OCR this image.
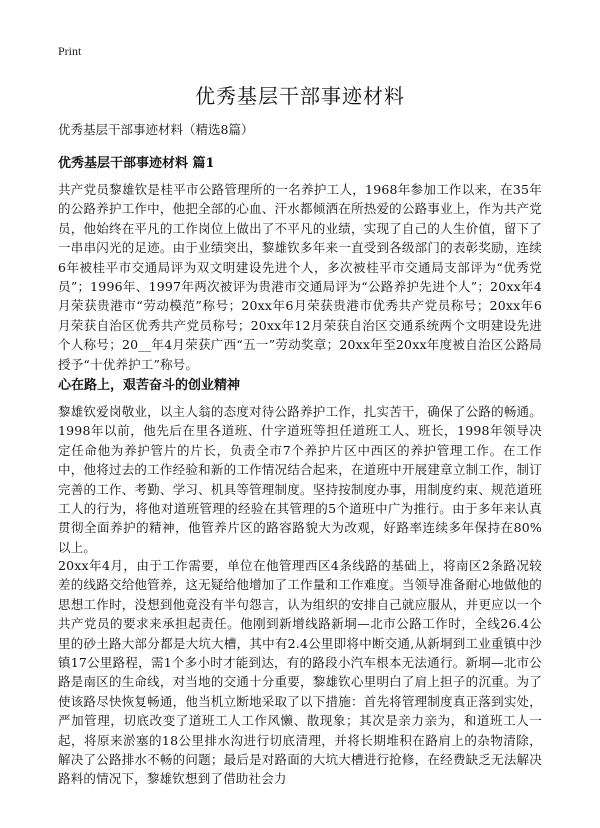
Print
优秀基层干部事迹材料
优秀基层干部事迹材料（精选8篇）
优秀基层干部事迹材料 篇1

共产党员黎雄钦是桂平市公路管理所的一名养护工人，1968年参加工作以来，在35年的公路养护工作中，他把全部的心血、汗水都倾洒在所热爱的公路事业上，作为共产党员，他始终在平凡的工作岗位上做出了不平凡的业绩，实现了自己的人生价值，留下了一串串闪光的足迹。由于业绩突出，黎雄钦多年来一直受到各级部门的表彰奖励，连续6年被桂平市交通局评为双文明建设先进个人，多次被桂平市交通局支部评为“优秀党员”；1996年、1997年两次被评为贵港市交通局评为“公路养护先进个人”；20xx年4月荣获贵港市“劳动模范”称号；20xx年6月荣获贵港市优秀共产党员称号；20xx年6月荣获自治区优秀共产党员称号；20xx年12月荣获自治区交通系统两个文明建设先进个人称号；20__年4月荣获广西“五一”劳动奖章；20xx年至20xx年度被自治区公路局授予“十优养护工”称号。

心在路上，艰苦奋斗的创业精神

黎雄钦爱岗敬业，以主人翁的态度对待公路养护工作，扎实苦干，确保了公路的畅通。1998年以前，他先后在里各道班、什字道班等担任道班工人、班长，1998年领导决定任命他为养护管片的片长，负责全市7个养护片区中西区的养护管理工作。在工作中，他将过去的工作经验和新的工作情况结合起来，在道班中开展建章立制工作，制订完善的工作、考勤、学习、机具等管理制度。坚持按制度办事，用制度约束、规范道班工人的行为，将他对道班管理的经验在其管理的5个道班中广为推行。由于多年来认真贯彻全面养护的精神，他管养片区的路容路貌大为改观，好路率连续多年保持在80%以上。

20xx年4月，由于工作需要，单位在他管理西区4条线路的基础上，将南区2条路况较差的线路交给他管养，这无疑给他增加了工作量和工作难度。当领导准备耐心地做他的思想工作时，没想到他竟没有半句怨言，认为组织的安排自己就应服从，并更应以一个共产党员的要求来承担起责任。他刚到新增线路新垌—北市公路工作时，全线26.4公里的砂土路大部分都是大坑大槽，其中有2.4公里即将中断交通,从新垌到工业重镇中沙镇17公里路程，需1个多小时才能到达，有的路段小汽车根本无法通行。新垌—北市公路是南区的生命线，对当地的交通十分重要，黎雄钦心里明白了肩上担子的沉重。为了使该路尽快恢复畅通，他当机立断地采取了以下措施：首先将管理制度真正落到实处，严加管理，切底改变了道班工人工作风懒、散现象；其次是亲力亲为，和道班工人一起，将原来淤塞的18公里排水沟进行切底清理，并将长期堆积在路肩上的杂物清除，解决了公路排水不畅的问题；最后是对路面的大坑大槽进行抢修，在经费缺乏无法解决路料的情况下，黎雄钦想到了借助社会力
